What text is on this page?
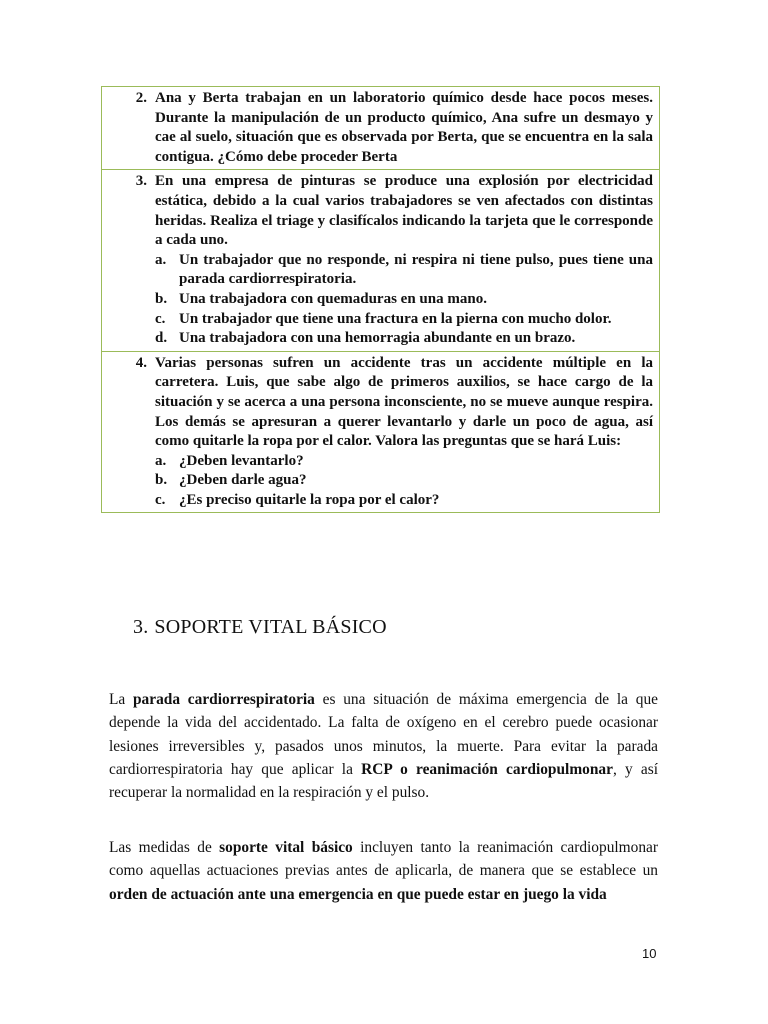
2. Ana y Berta trabajan en un laboratorio químico desde hace pocos meses. Durante la manipulación de un producto químico, Ana sufre un desmayo y cae al suelo, situación que es observada por Berta, que se encuentra en la sala contigua. ¿Cómo debe proceder Berta

3. En una empresa de pinturas se produce una explosión por electricidad estática, debido a la cual varios trabajadores se ven afectados con distintas heridas. Realiza el triage y clasifícalos indicando la tarjeta que le corresponde a cada uno.

a. Un trabajador que no responde, ni respira ni tiene pulso, pues tiene una parada cardiorrespiratoria.
b. Una trabajadora con quemaduras en una mano.
c. Un trabajador que tiene una fractura en la pierna con mucho dolor.
d. Una trabajadora con una hemorragia abundante en un brazo.

4. Varias personas sufren un accidente tras un accidente múltiple en la carretera. Luis, que sabe algo de primeros auxilios, se hace cargo de la situación y se acerca a una persona inconsciente, no se mueve aunque respira. Los demás se apresuran a querer levantarlo y darle un poco de agua, así como quitarle la ropa por el calor. Valora las preguntas que se hará Luis:

a. ¿Deben levantarlo?
b. ¿Deben darle agua?
c. ¿Es preciso quitarle la ropa por el calor?
3. SOPORTE VITAL BÁSICO

La parada cardiorrespiratoria es una situación de máxima emergencia de la que depende la vida del accidentado. La falta de oxígeno en el cerebro puede ocasionar lesiones irreversibles y, pasados unos minutos, la muerte. Para evitar la parada cardiorrespiratoria hay que aplicar la RCP o reanimación cardiopulmonar, y así recuperar la normalidad en la respiración y el pulso.

Las medidas de soporte vital básico incluyen tanto la reanimación cardiopulmonar como aquellas actuaciones previas antes de aplicarla, de manera que se establece un orden de actuación ante una emergencia en que puede estar en juego la vida

10
